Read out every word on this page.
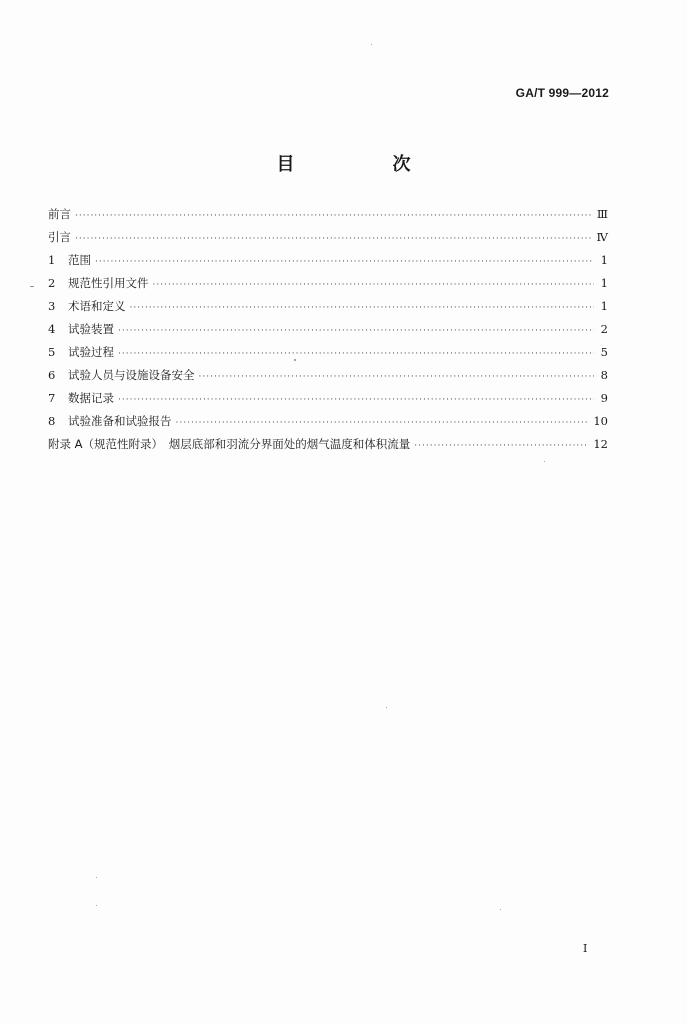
GA/T 999—2012
目　次
前言 ·····	Ⅲ
引言 ·····	Ⅳ
1	范围 ·····	1
2	规范性引用文件 ·····	1
3	术语和定义 ·····	1
4	试验装置 ·····	2
5	试验过程 ·····	5
6	试验人员与设施设备安全 ·····	8
7	数据记录 ·····	9
8	试验准备和试验报告 ·····	10
附录 A（规范性附录）　烟层底部和羽流分界面处的烟气温度和体积流量 ·····	12
I
